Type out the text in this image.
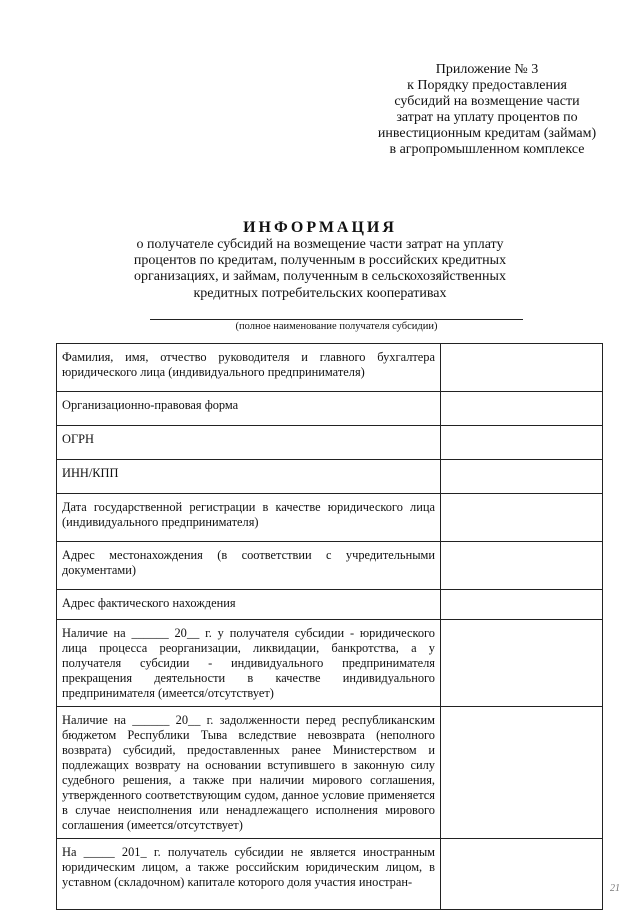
Приложение № 3
к Порядку предоставления
субсидий на возмещение части
затрат на уплату процентов по
инвестиционным кредитам (займам)
в агропромышленном комплексе
ИНФОРМАЦИЯ
о получателе субсидий на возмещение части затрат на уплату
процентов по кредитам, полученным в российских кредитных
организациях, и займам, полученным в сельскохозяйственных
кредитных потребительских кооперативах
(полное наименование получателя субсидии)
Фамилия, имя, отчество руководителя и главного бухгалтера юридического лица (индивидуального предпринимателя)	
Организационно-правовая форма	
ОГРН	
ИНН/КПП	
Дата государственной регистрации в качестве юридического лица (индивидуального предпринимателя)	
Адрес местонахождения (в соответствии с учредительными документами)	
Адрес фактического нахождения	
Наличие на ______ 20__ г. у получателя субсидии - юридического лица процесса реорганизации, ликвидации, банкротства, а у получателя субсидии - индивидуального предпринимателя прекращения деятельности в качестве индивидуального предпринимателя (имеется/отсутствует)	
Наличие на ______ 20__ г. задолженности перед республиканским бюджетом Республики Тыва вследствие невозврата (неполного возврата) субсидий, предоставленных ранее Министерством и подлежащих возврату на основании вступившего в законную силу судебного решения, а также при наличии мирового соглашения, утвержденного соответствующим судом, данное условие применяется в случае неисполнения или ненадлежащего исполнения мирового соглашения (имеется/отсутствует)	
На _____ 201_ г. получатель субсидии не является иностранным юридическим лицом, а также российским юридическим лицом, в уставном (складочном) капитале которого доля участия иностран-		21
